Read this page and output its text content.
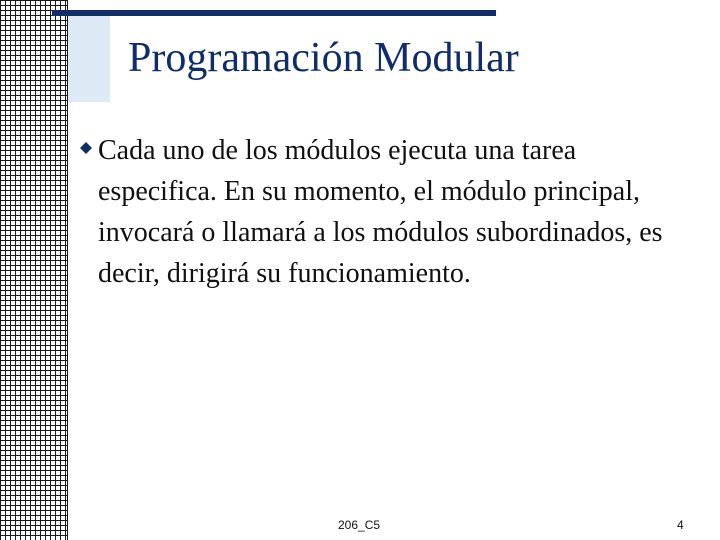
Programación Modular

Cada uno de los módulos ejecuta una tarea especifica. En su momento, el módulo principal, invocará o llamará a los módulos subordinados, es decir, dirigirá su funcionamiento.

206_C5	4
